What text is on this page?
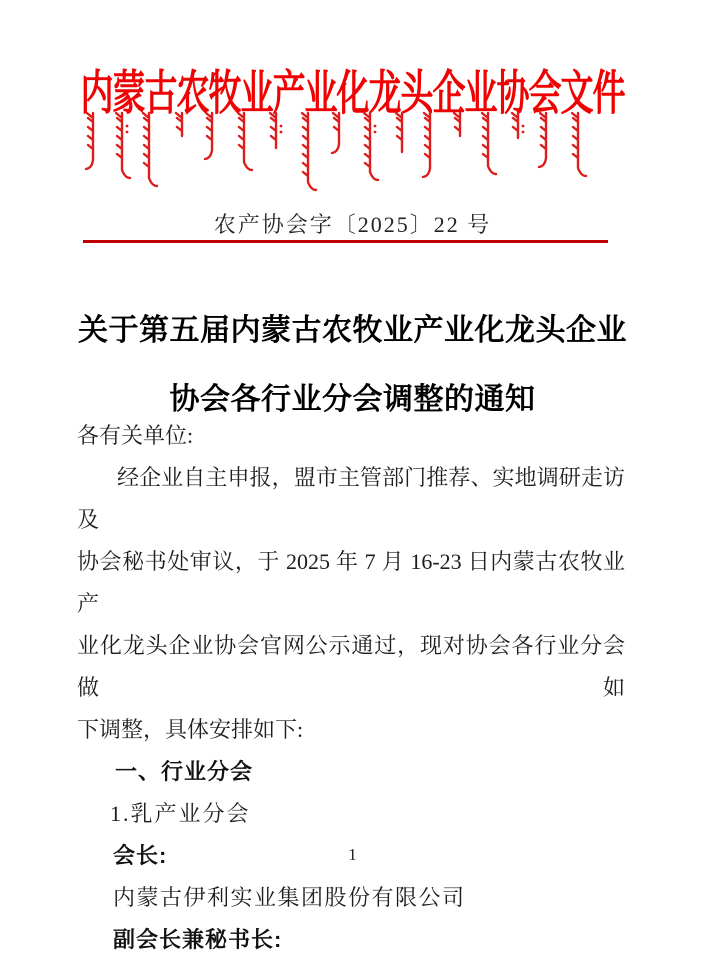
内蒙古农牧业产业化龙头企业协会文件
农产协会字〔2025〕22 号
关于第五届内蒙古农牧业产业化龙头企业
协会各行业分会调整的通知
各有关单位:
经企业自主申报，盟市主管部门推荐、实地调研走访及
协会秘书处审议，于 2025 年 7 月 16-23 日内蒙古农牧业产
业化龙头企业协会官网公示通过，现对协会各行业分会做如
下调整，具体安排如下:
一、行业分会
1.乳产业分会
会长:
内蒙古伊利实业集团股份有限公司
副会长兼秘书长:
1
